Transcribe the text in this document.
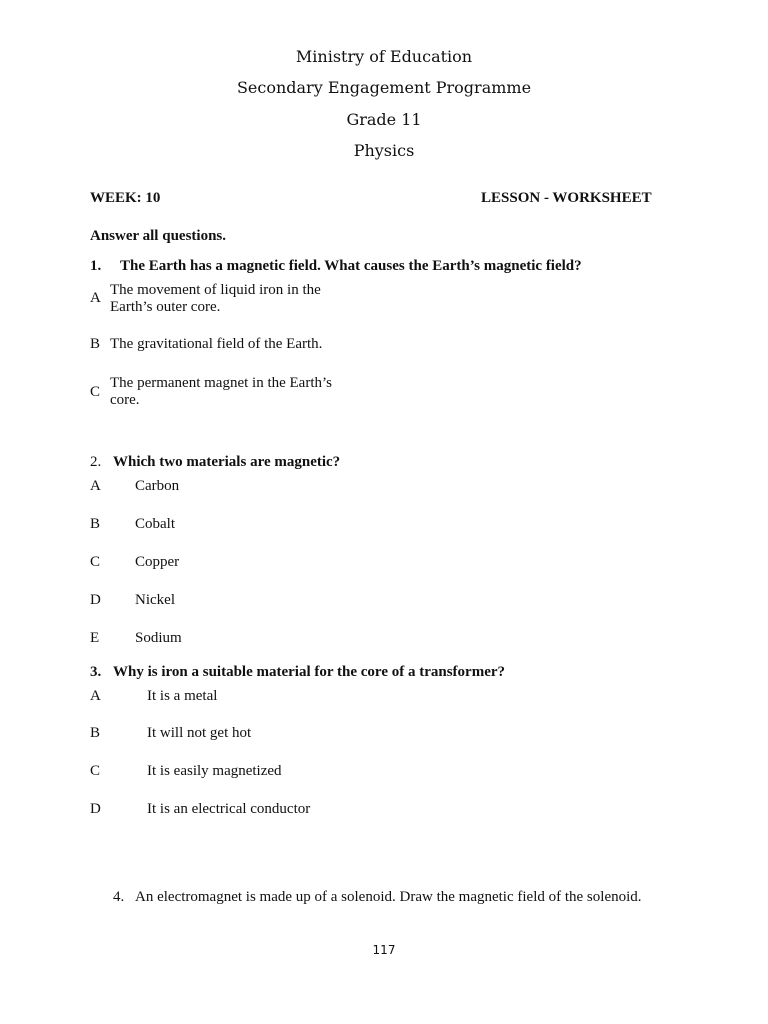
Ministry of Education
Secondary Engagement Programme
Grade 11
Physics
WEEK: 10	LESSON - WORKSHEET
Answer all questions.
1. The Earth has a magnetic field. What causes the Earth’s magnetic field?
A The movement of liquid iron in the Earth’s outer core.
B The gravitational field of the Earth.
C
The permanent magnet in the Earth’s core.
2. Which two materials are magnetic?
A Carbon
B Cobalt
C Copper
D Nickel
E Sodium
3. Why is iron a suitable material for the core of a transformer?
A	It is a metal
B	It will not get hot
C	It is easily magnetized
D	It is an electrical conductor
4. An electromagnet is made up of a solenoid. Draw the magnetic field of the solenoid.
117
